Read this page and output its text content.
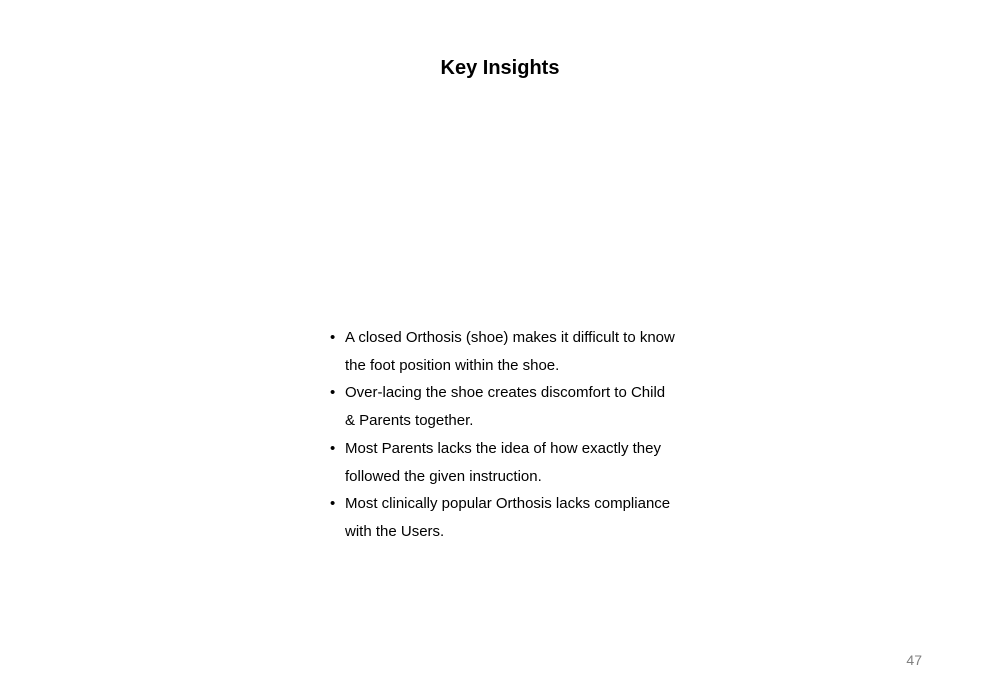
Key Insights
• A closed Orthosis (shoe) makes it difficult to know the foot position within the shoe.
• Over-lacing the shoe creates discomfort to Child & Parents together.
• Most Parents lacks the idea of how exactly they followed the given instruction.
• Most clinically popular Orthosis lacks compliance with the Users.
47
